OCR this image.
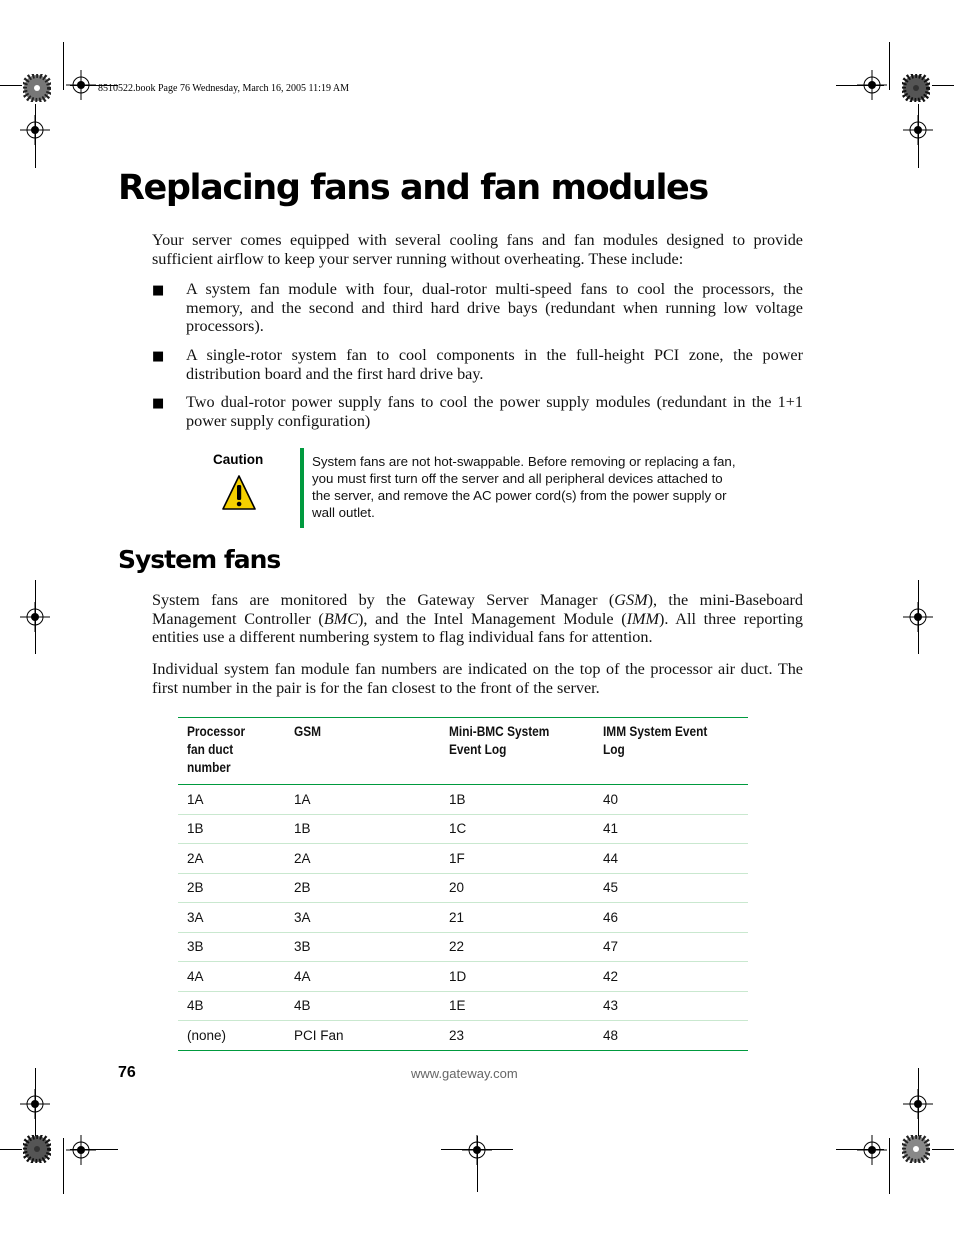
8510522.book Page 76 Wednesday, March 16, 2005 11:19 AM
Replacing fans and fan modules

Your server comes equipped with several cooling fans and fan modules designed to provide sufficient airflow to keep your server running without overheating. These include:

■ A system fan module with four, dual-rotor multi-speed fans to cool the processors, the memory, and the second and third hard drive bays (redundant when running low voltage processors).

■ A single-rotor system fan to cool components in the full-height PCI zone, the power distribution board and the first hard drive bay.

■ Two dual-rotor power supply fans to cool the power supply modules (redundant in the 1+1 power supply configuration)

Caution	System fans are not hot-swappable. Before removing or replacing a fan, you must first turn off the server and all peripheral devices attached to the server, and remove the AC power cord(s) from the power supply or wall outlet.

System fans

System fans are monitored by the Gateway Server Manager (GSM), the mini-Baseboard Management Controller (BMC), and the Intel Management Module (IMM). All three reporting entities use a different numbering system to flag individual fans for attention.

Individual system fan module fan numbers are indicated on the top of the processor air duct. The first number in the pair is for the fan closest to the front of the server.

Processor fan duct number	GSM	Mini-BMC System Event Log	IMM System Event Log
1A	1A	1B	40
1B	1B	1C	41
2A	2A	1F	44
2B	2B	20	45
3A	3A	21	46
3B	3B	22	47
4A	4A	1D	42
4B	4B	1E	43
(none)	PCI Fan	23	48
76	www.gateway.com
